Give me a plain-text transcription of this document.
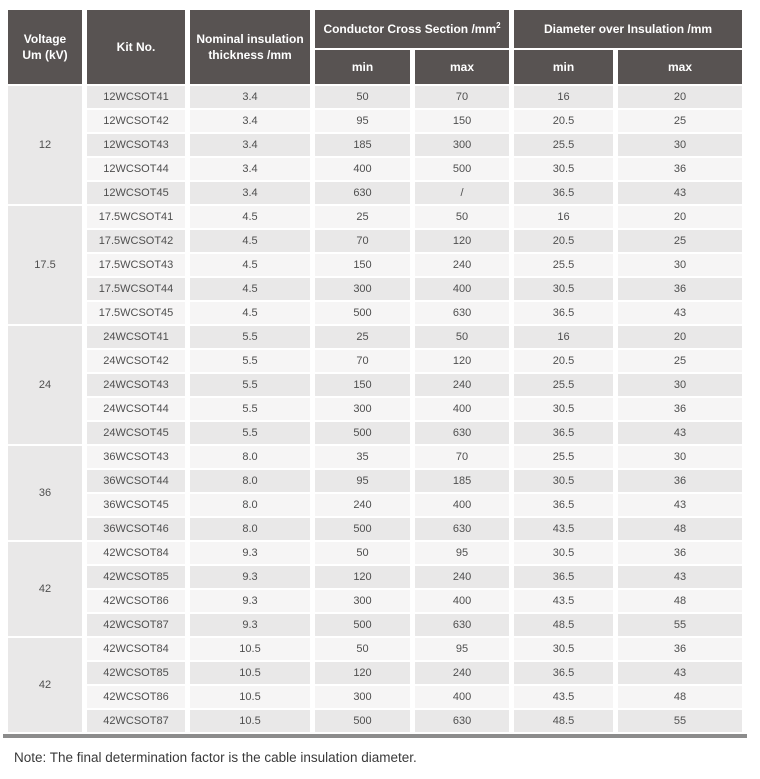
Voltage
Um (kV)	Kit No.	Nominal insulation
thickness /mm	Conductor Cross Section $/mm^2$		Diameter over Insulation /mm	
			min	max	min	max
12	12WCSOT41	3.4	50	70	16	20
	12WCSOT42	3.4	95	150	20.5	25
	12WCSOT43	3.4	185	300	25.5	30
	12WCSOT44	3.4	400	500	30.5	36
	12WCSOT45	3.4	630	/	36.5	43
17.5	17.5WCSOT41	4.5	25	50	16	20
	17.5WCSOT42	4.5	70	120	20.5	25
	17.5WCSOT43	4.5	150	240	25.5	30
	17.5WCSOT44	4.5	300	400	30.5	36
	17.5WCSOT45	4.5	500	630	36.5	43
24	24WCSOT41	5.5	25	50	16	20
	24WCSOT42	5.5	70	120	20.5	25
	24WCSOT43	5.5	150	240	25.5	30
	24WCSOT44	5.5	300	400	30.5	36
	24WCSOT45	5.5	500	630	36.5	43
36	36WCSOT43	8.0	35	70	25.5	30
	36WCSOT44	8.0	95	185	30.5	36
	36WCSOT45	8.0	240	400	36.5	43
	36WCSOT46	8.0	500	630	43.5	48
42	42WCSOT84	9.3	50	95	30.5	36
	42WCSOT85	9.3	120	240	36.5	43
	42WCSOT86	9.3	300	400	43.5	48
	42WCSOT87	9.3	500	630	48.5	55
42	42WCSOT84	10.5	50	95	30.5	36
	42WCSOT85	10.5	120	240	36.5	43
	42WCSOT86	10.5	300	400	43.5	48
	42WCSOT87	10.5	500	630	48.5	55
Note: The final determination factor is the cable insulation diameter.
